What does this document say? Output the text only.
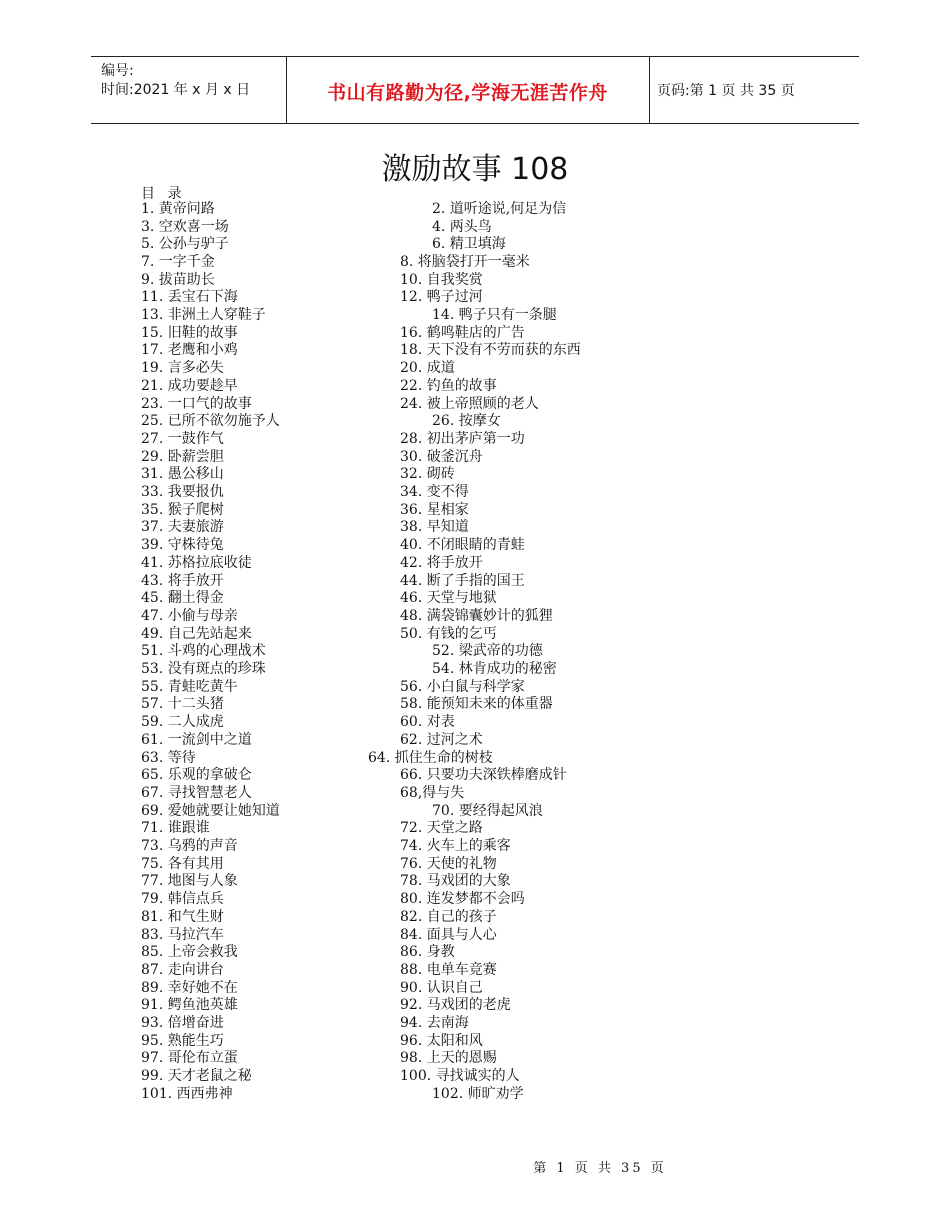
编号:
时间:2021 年 x 月 x 日	书山有路勤为径,学海无涯苦作舟	页码:第 1 页 共 35 页
激励故事 108
目 录
1. 黄帝问路	2. 道听途说,何足为信
3. 空欢喜一场	4. 两头鸟
5. 公孙与驴子	6. 精卫填海
7. 一字千金	8. 将脑袋打开一毫米
9. 拔苗助长	10. 自我奖赏
11. 丢宝石下海	12. 鸭子过河
13. 非洲土人穿鞋子	14. 鸭子只有一条腿
15. 旧鞋的故事	16. 鹤鸣鞋店的广告
17. 老鹰和小鸡	18. 天下没有不劳而获的东西
19. 言多必失	20. 成道
21. 成功要趁早	22. 钓鱼的故事
23. 一口气的故事	24. 被上帝照顾的老人
25. 已所不欲勿施予人	26. 按摩女
27. 一鼓作气	28. 初出茅庐第一功
29. 卧薪尝胆	30. 破釜沉舟
31. 愚公移山	32. 砌砖
33. 我要报仇	34. 变不得
35. 猴子爬树	36. 星相家
37. 夫妻旅游	38. 早知道
39. 守株待兔	40. 不闭眼睛的青蛙
41. 苏格拉底收徒	42. 将手放开
43. 将手放开	44. 断了手指的国王
45. 翻土得金	46. 天堂与地狱
47. 小偷与母亲	48. 满袋锦囊妙计的狐狸
49. 自己先站起来	50. 有钱的乞丐
51. 斗鸡的心理战术	52. 梁武帝的功德
53. 没有斑点的珍珠	54. 林肯成功的秘密
55. 青蛙吃黄牛	56. 小白鼠与科学家
57. 十二头猪	58. 能预知未来的体重器
59. 二人成虎	60. 对表
61. 一流剑中之道	62. 过河之术
63. 等待	64. 抓住生命的树枝
65. 乐观的拿破仑	66. 只要功夫深铁棒磨成针
67. 寻找智慧老人	68,得与失
69. 爱她就要让她知道	70. 要经得起风浪
71. 谁跟谁	72. 天堂之路
73. 乌鸦的声音	74. 火车上的乘客
75. 各有其用	76. 天使的礼物
77. 地图与人象	78. 马戏团的大象
79. 韩信点兵	80. 连发梦都不会吗
81. 和气生财	82. 自己的孩子
83. 马拉汽车	84. 面具与人心
85. 上帝会救我	86. 身教
87. 走向讲台	88. 电单车竞赛
89. 幸好她不在	90. 认识自己
91. 鳄鱼池英雄	92. 马戏团的老虎
93. 倍增奋进	94. 去南海
95. 熟能生巧	96. 太阳和风
97. 哥伦布立蛋	98. 上天的恩赐
99. 天才老鼠之秘	100. 寻找诚实的人
101. 西西弗神	102. 师旷劝学
第 1 页 共 35 页
